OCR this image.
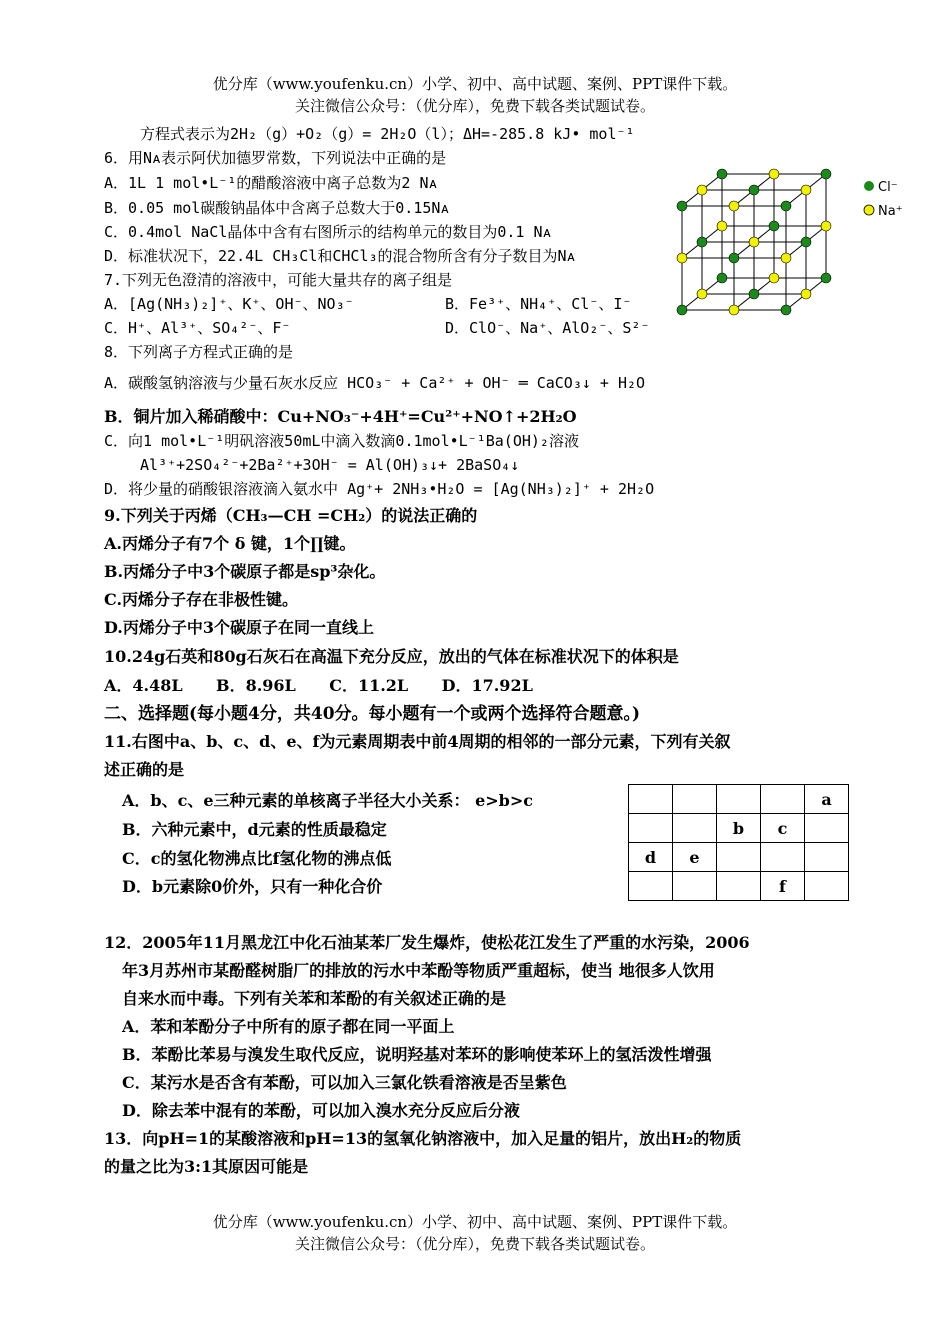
优分库（www.youfenku.cn）小学、初中、高中试题、案例、PPT课件下载。
关注微信公众号：（优分库），免费下载各类试题试卷。
方程式表示为2H₂（g）+O₂（g）= 2H₂O（l）；ΔH=-285.8 kJ• mol⁻¹
6．用Nᴀ表示阿伏加德罗常数，下列说法中正确的是
A．1L 1 mol•L⁻¹的醋酸溶液中离子总数为2 Nᴀ
B．0.05 mol碳酸钠晶体中含离子总数大于0.15Nᴀ
C．0.4mol NaCl晶体中含有右图所示的结构单元的数目为0.1 Nᴀ
D．标准状况下，22.4L CH₃Cl和CHCl₃的混合物所含有分子数目为Nᴀ
7.下列无色澄清的溶液中，可能大量共存的离子组是
A．[Ag(NH₃)₂]⁺、K⁺、OH⁻、NO₃⁻	B．Fe³⁺、NH₄⁺、Cl⁻、I⁻
C．H⁺、Al³⁺、SO₄²⁻、F⁻	D．ClO⁻、Na⁺、AlO₂⁻、S²⁻
8．下列离子方程式正确的是
A．碳酸氢钠溶液与少量石灰水反应 HCO₃⁻ + Ca²⁺ + OH⁻ ═ CaCO₃↓ + H₂O
B．铜片加入稀硝酸中：Cu+NO₃⁻+4H⁺=Cu²⁺+NO↑+2H₂O
C．向1 mol•L⁻¹明矾溶液50mL中滴入数滴0.1mol•L⁻¹Ba(OH)₂溶液
Al³⁺+2SO₄²⁻+2Ba²⁺+3OH⁻ = Al(OH)₃↓+ 2BaSO₄↓
D．将少量的硝酸银溶液滴入氨水中 Ag⁺+ 2NH₃•H₂O = [Ag(NH₃)₂]⁺ + 2H₂O
9.下列关于丙烯（CH₃—CH =CH₂）的说法正确的
A.丙烯分子有7个 δ 键，1个∏键。
B.丙烯分子中3个碳原子都是sp³杂化。
C.丙烯分子存在非极性键。
D.丙烯分子中3个碳原子在同一直线上
10.24g石英和80g石灰石在高温下充分反应，放出的气体在标准状况下的体积是
A．4.48L      B．8.96L      C．11.2L      D．17.92L
二、选择题(每小题4分，共40分。每小题有一个或两个选择符合题意。)
11.右图中a、b、c、d、e、f为元素周期表中前4周期的相邻的一部分元素，下列有关叙
述正确的是
A．b、c、e三种元素的单核离子半径大小关系： e>b>c
B．六种元素中，d元素的性质最稳定
C．c的氢化物沸点比f氢化物的沸点低
D．b元素除0价外，只有一种化合价
12．2005年11月黑龙江中化石油某苯厂发生爆炸，使松花江发生了严重的水污染，2006
年3月苏州市某酚醛树脂厂的排放的污水中苯酚等物质严重超标，使当 地很多人饮用
自来水而中毒。下列有关苯和苯酚的有关叙述正确的是
A．苯和苯酚分子中所有的原子都在同一平面上
B．苯酚比苯易与溴发生取代反应，说明羟基对苯环的影响使苯环上的氢活泼性增强
C．某污水是否含有苯酚，可以加入三氯化铁看溶液是否呈紫色
D．除去苯中混有的苯酚，可以加入溴水充分反应后分液
13．向pH=1的某酸溶液和pH=13的氢氧化钠溶液中，加入足量的铝片，放出H₂的物质
的量之比为3:1其原因可能是
Cl⁻
Na⁺
				a
		b	c	
d	e			
			f	
优分库（www.youfenku.cn）小学、初中、高中试题、案例、PPT课件下载。
关注微信公众号：（优分库），免费下载各类试题试卷。
